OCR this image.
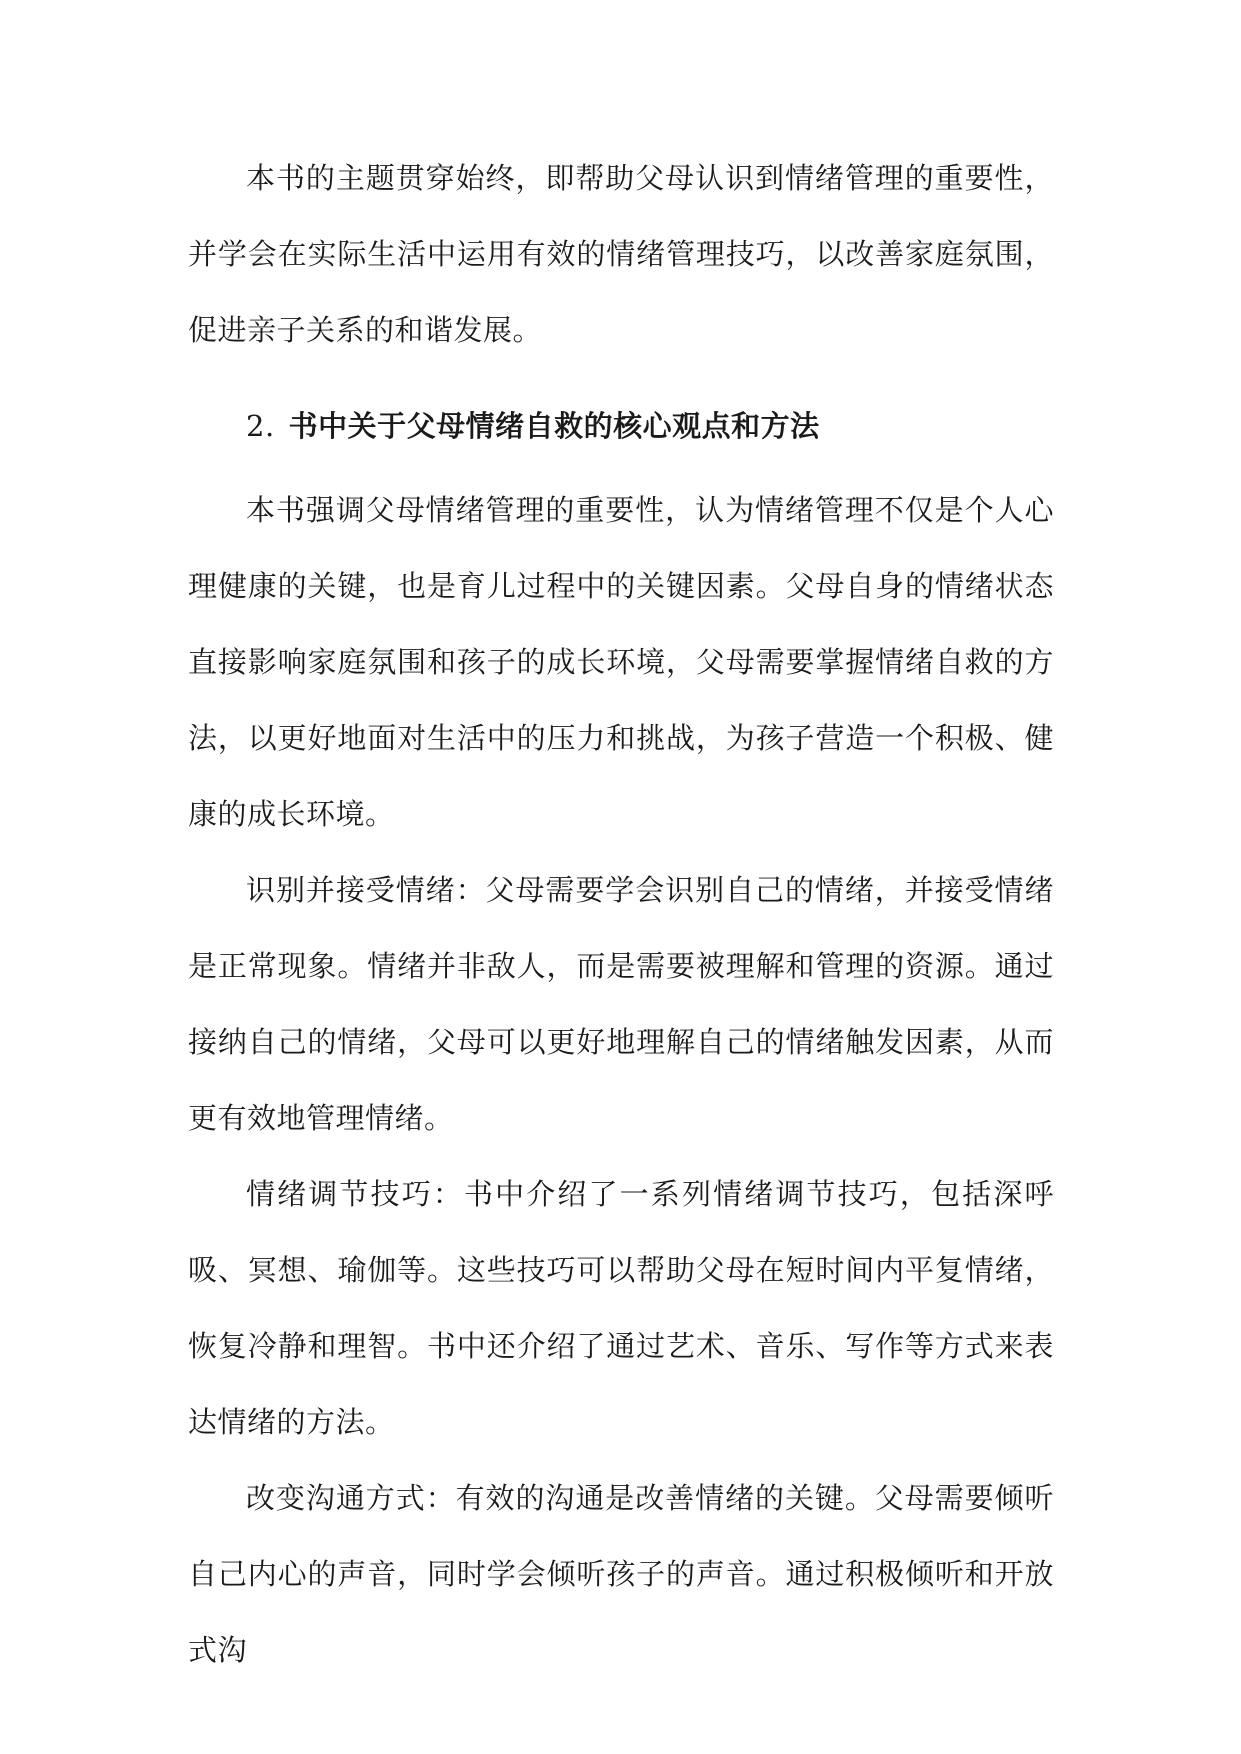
本书的主题贯穿始终，即帮助父母认识到情绪管理的重要性，并学会在实际生活中运用有效的情绪管理技巧，以改善家庭氛围，促进亲子关系的和谐发展。

2. 书中关于父母情绪自救的核心观点和方法

本书强调父母情绪管理的重要性，认为情绪管理不仅是个人心理健康的关键，也是育儿过程中的关键因素。父母自身的情绪状态直接影响家庭氛围和孩子的成长环境，父母需要掌握情绪自救的方法，以更好地面对生活中的压力和挑战，为孩子营造一个积极、健康的成长环境。

识别并接受情绪：父母需要学会识别自己的情绪，并接受情绪是正常现象。情绪并非敌人，而是需要被理解和管理的资源。通过接纳自己的情绪，父母可以更好地理解自己的情绪触发因素，从而更有效地管理情绪。

情绪调节技巧：书中介绍了一系列情绪调节技巧，包括深呼吸、冥想、瑜伽等。这些技巧可以帮助父母在短时间内平复情绪，恢复冷静和理智。书中还介绍了通过艺术、音乐、写作等方式来表达情绪的方法。

改变沟通方式：有效的沟通是改善情绪的关键。父母需要倾听自己内心的声音，同时学会倾听孩子的声音。通过积极倾听和开放式沟
